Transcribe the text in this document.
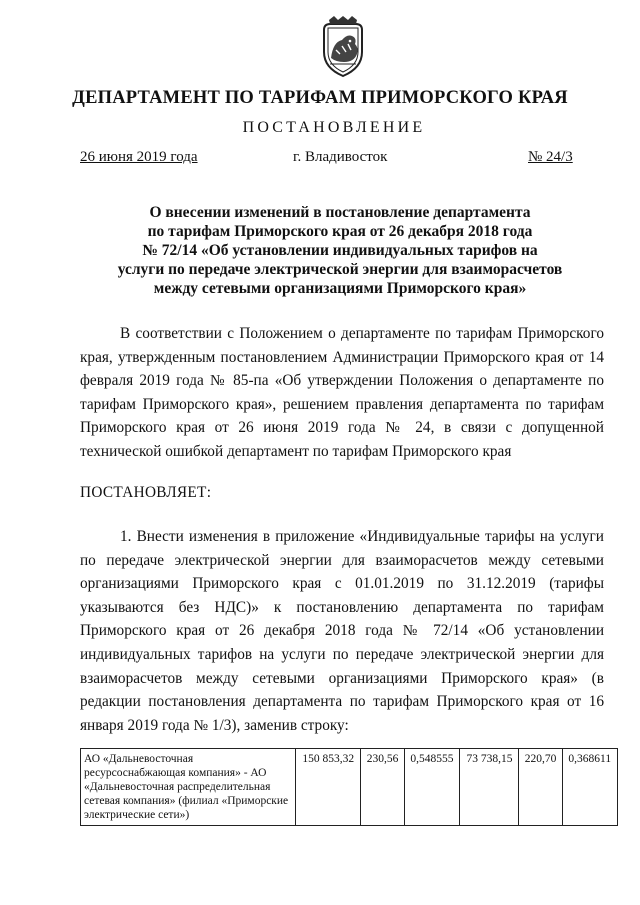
ДЕПАРТАМЕНТ ПО ТАРИФАМ ПРИМОРСКОГО КРАЯ
ПОСТАНОВЛЕНИЕ
26 июня 2019 года	г. Владивосток	№ 24/3
О внесении изменений в постановление департамента
по тарифам Приморского края от 26 декабря 2018 года
№ 72/14 «Об установлении индивидуальных тарифов на
услуги по передаче электрической энергии для взаиморасчетов
между сетевыми организациями Приморского края»
В соответствии с Положением о департаменте по тарифам Приморского края, утвержденным постановлением Администрации Приморского края от 14 февраля 2019 года № 85-па «Об утверждении Положения о департаменте по тарифам Приморского края», решением правления департамента по тарифам Приморского края от 26 июня 2019 года № 24, в связи с допущенной технической ошибкой департамент по тарифам Приморского края
ПОСТАНОВЛЯЕТ:
1. Внести изменения в приложение «Индивидуальные тарифы на услуги по передаче электрической энергии для взаиморасчетов между сетевыми организациями Приморского края с 01.01.2019 по 31.12.2019 (тарифы указываются без НДС)» к постановлению департамента по тарифам Приморского края от 26 декабря 2018 года № 72/14 «Об установлении индивидуальных тарифов на услуги по передаче электрической энергии для взаиморасчетов между сетевыми организациями Приморского края» (в редакции постановления департамента по тарифам Приморского края от 16 января 2019 года № 1/3), заменив строку:
АО «Дальневосточная ресурсоснабжающая компания» - АО «Дальневосточная распределительная сетевая компания» (филиал «Приморские электрические сети»)	150 853,32	230,56	0,548555	73 738,15	220,70	0,368611
